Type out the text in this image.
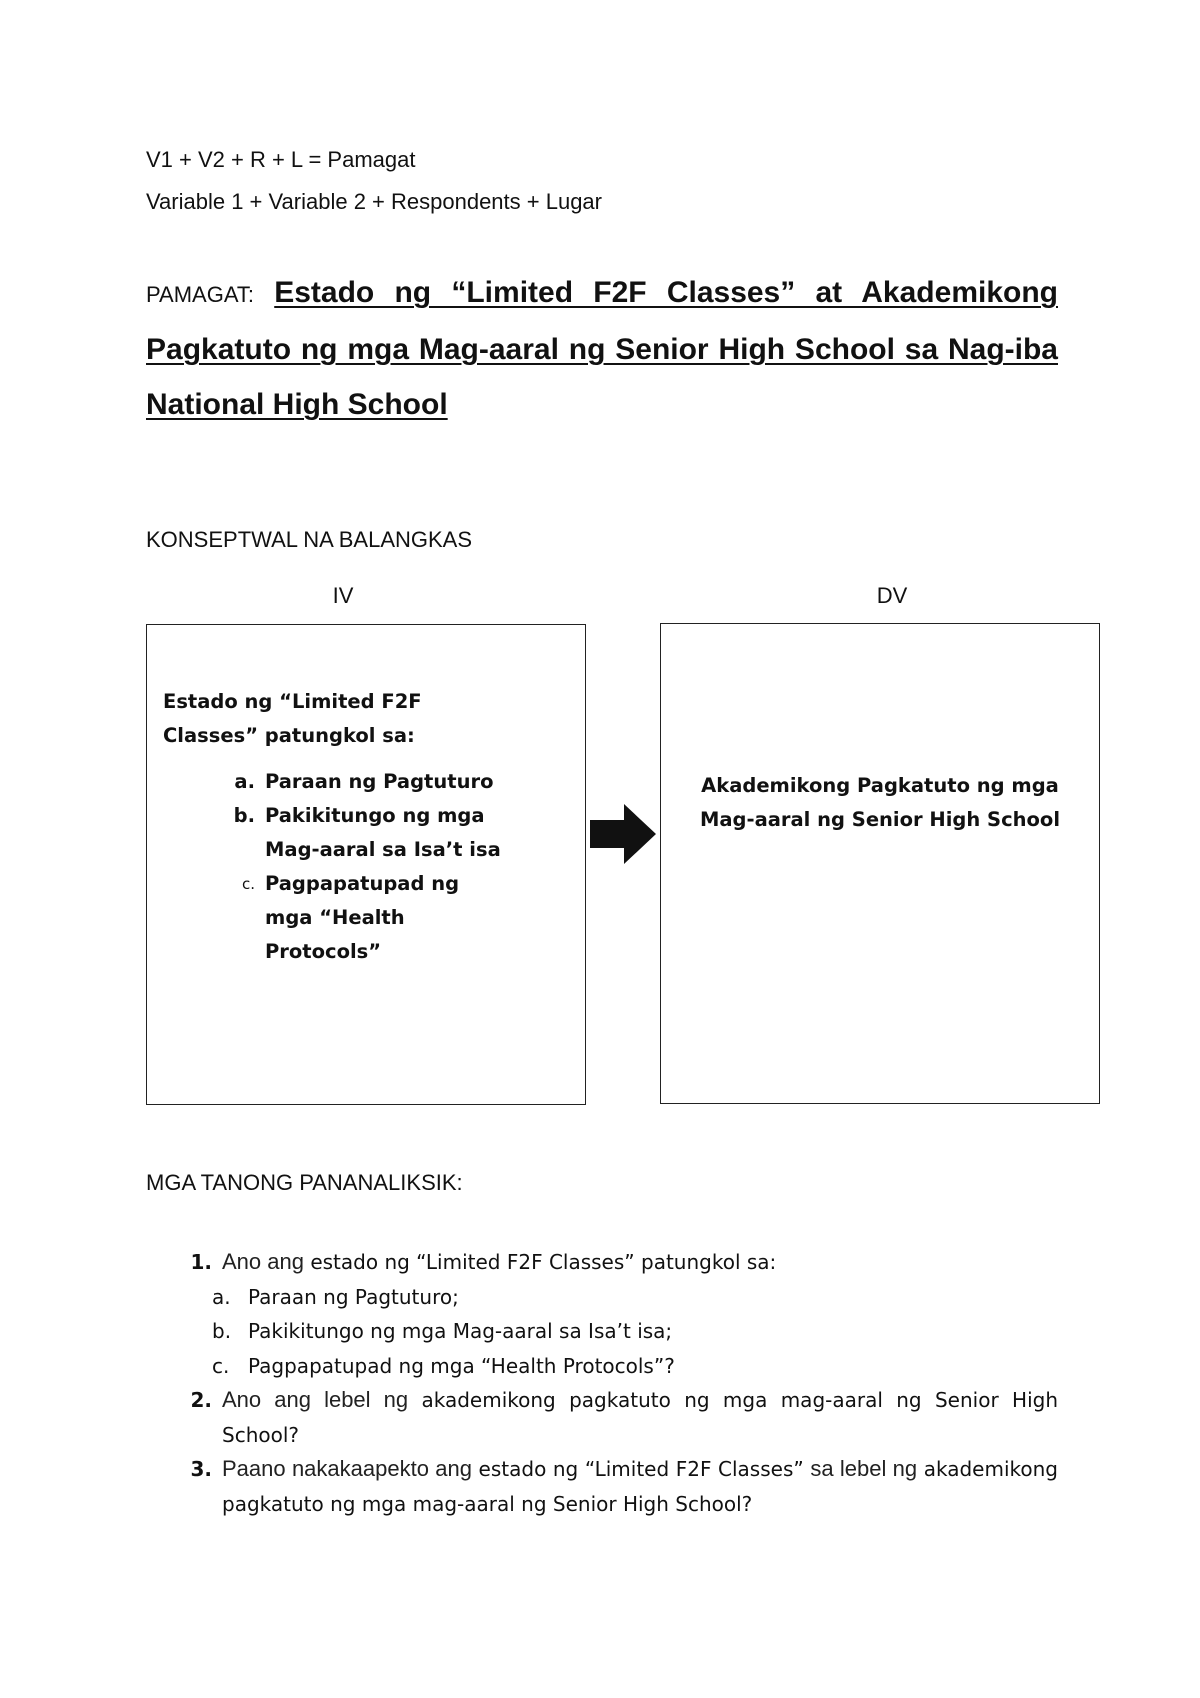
V1 + V2 + R + L = Pamagat
Variable 1 + Variable 2 + Respondents + Lugar
PAMAGAT: Estado ng “Limited F2F Classes” at Akademikong Pagkatuto ng mga Mag-aaral ng Senior High School sa Nag-iba National High School
KONSEPTWAL NA BALANGKAS
IV	DV
Estado ng “Limited F2F Classes” patungkol sa:
a. Paraan ng Pagtuturo
b. Pakikitungo ng mga Mag-aaral sa Isa’t isa
c. Pagpapatupad ng mga “Health Protocols”
Akademikong Pagkatuto ng mga Mag-aaral ng Senior High School
MGA TANONG PANANALIKSIK:
1. Ano ang estado ng “Limited F2F Classes” patungkol sa:
a. Paraan ng Pagtuturo;
b. Pakikitungo ng mga Mag-aaral sa Isa’t isa;
c. Pagpapatupad ng mga “Health Protocols”?
2. Ano ang lebel ng akademikong pagkatuto ng mga mag-aaral ng Senior High School?
3. Paano nakakaapekto ang estado ng “Limited F2F Classes” sa lebel ng akademikong pagkatuto ng mga mag-aaral ng Senior High School?
